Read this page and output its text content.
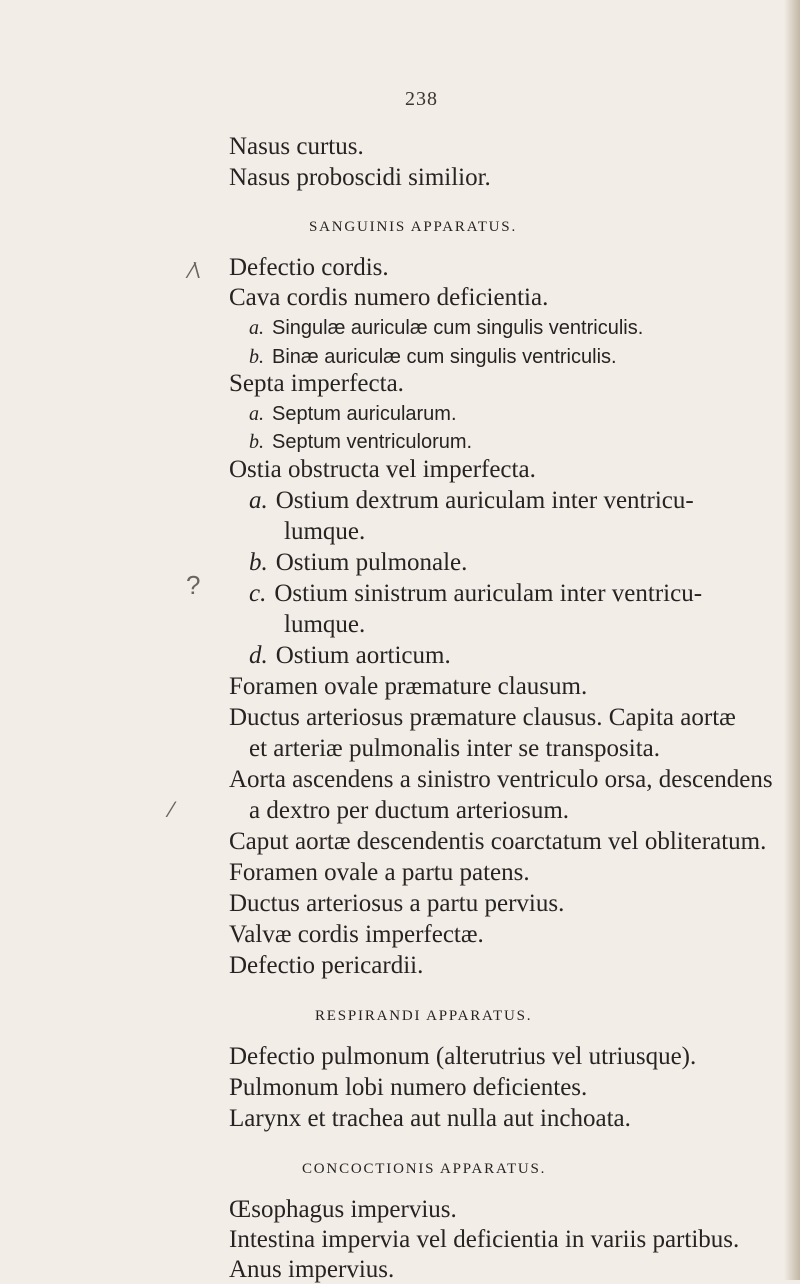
238
⁄\
?
⁄
Nasus curtus.
Nasus proboscidi similior.
SANGUINIS APPARATUS.
Defectio cordis.
Cava cordis numero deficientia.
a. Singulæ auriculæ cum singulis ventriculis.
b. Binæ auriculæ cum singulis ventriculis.
Septa imperfecta.
a. Septum auricularum.
b. Septum ventriculorum.
Ostia obstructa vel imperfecta.
a. Ostium dextrum auriculam inter ventricu-
lumque.
b. Ostium pulmonale.
c. Ostium sinistrum auriculam inter ventricu-
lumque.
d. Ostium aorticum.
Foramen ovale præmature clausum.
Ductus arteriosus præmature clausus. Capita aortæ
et arteriæ pulmonalis inter se transposita.
Aorta ascendens a sinistro ventriculo orsa, descendens
a dextro per ductum arteriosum.
Caput aortæ descendentis coarctatum vel obliteratum.
Foramen ovale a partu patens.
Ductus arteriosus a partu pervius.
Valvæ cordis imperfectæ.
Defectio pericardii.
RESPIRANDI APPARATUS.
Defectio pulmonum (alterutrius vel utriusque).
Pulmonum lobi numero deficientes.
Larynx et trachea aut nulla aut inchoata.
CONCOCTIONIS APPARATUS.
Œsophagus impervius.
Intestina impervia vel deficientia in variis partibus.
Anus impervius.
